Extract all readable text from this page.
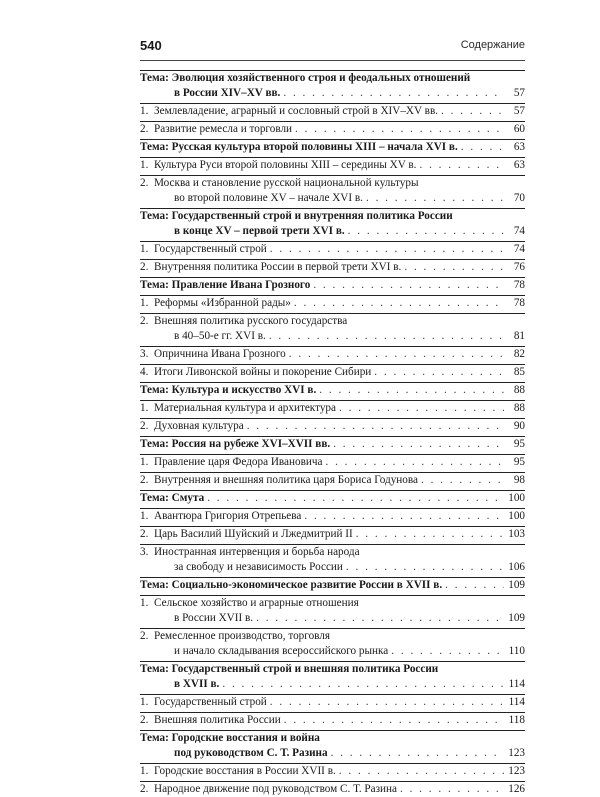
540	Содержание
Тема: Эволюция хозяйственного строя и феодальных отношений
в России XIV–XV вв. . . .	57
1. Землевладение, аграрный и сословный строй в XIV–XV вв. . . .	57
2. Развитие ремесла и торговли . . .	60
Тема: Русская культура второй половины XIII – начала XVI в. . . .	63
1. Культура Руси второй половины XIII – середины XV в. . . .	63
2. Москва и становление русской национальной культуры
во второй половине XV – начале XVI в. . . .	70
Тема: Государственный строй и внутренняя политика России
в конце XV – первой трети XVI в. . . .	74
1. Государственный строй . . .	74
2. Внутренняя политика России в первой трети XVI в. . . .	76
Тема: Правление Ивана Грозного . . .	78
1. Реформы «Избранной рады» . . .	78
2. Внешняя политика русского государства
в 40–50-е гг. XVI в. . . .	81
3. Опричнина Ивана Грозного . . .	82
4. Итоги Ливонской войны и покорение Сибири . . .	85
Тема: Культура и искусство XVI в. . . .	88
1. Материальная культура и архитектура . . .	88
2. Духовная культура . . .	90
Тема: Россия на рубеже XVI–XVII вв. . . .	95
1. Правление царя Федора Ивановича . . .	95
2. Внутренняя и внешняя политика царя Бориса Годунова . . .	98
Тема: Смута . . .	100
1. Авантюра Григория Отрепьева . . .	100
2. Царь Василий Шуйский и Лжедмитрий II . . .	103
3. Иностранная интервенция и борьба народа
за свободу и независимость России . . .	106
Тема: Социально-экономическое развитие России в XVII в. . . .	109
1. Сельское хозяйство и аграрные отношения
в России XVII в. . . .	109
2. Ремесленное производство, торговля
и начало складывания всероссийского рынка . . .	110
Тема: Государственный строй и внешняя политика России
в XVII в. . . .	114
1. Государственный строй . . .	114
2. Внешняя политика России . . .	118
Тема: Городские восстания и война
под руководством С. Т. Разина . . .	123
1. Городские восстания в России XVII в. . . .	123
2. Народное движение под руководством С. Т. Разина . . .	126
